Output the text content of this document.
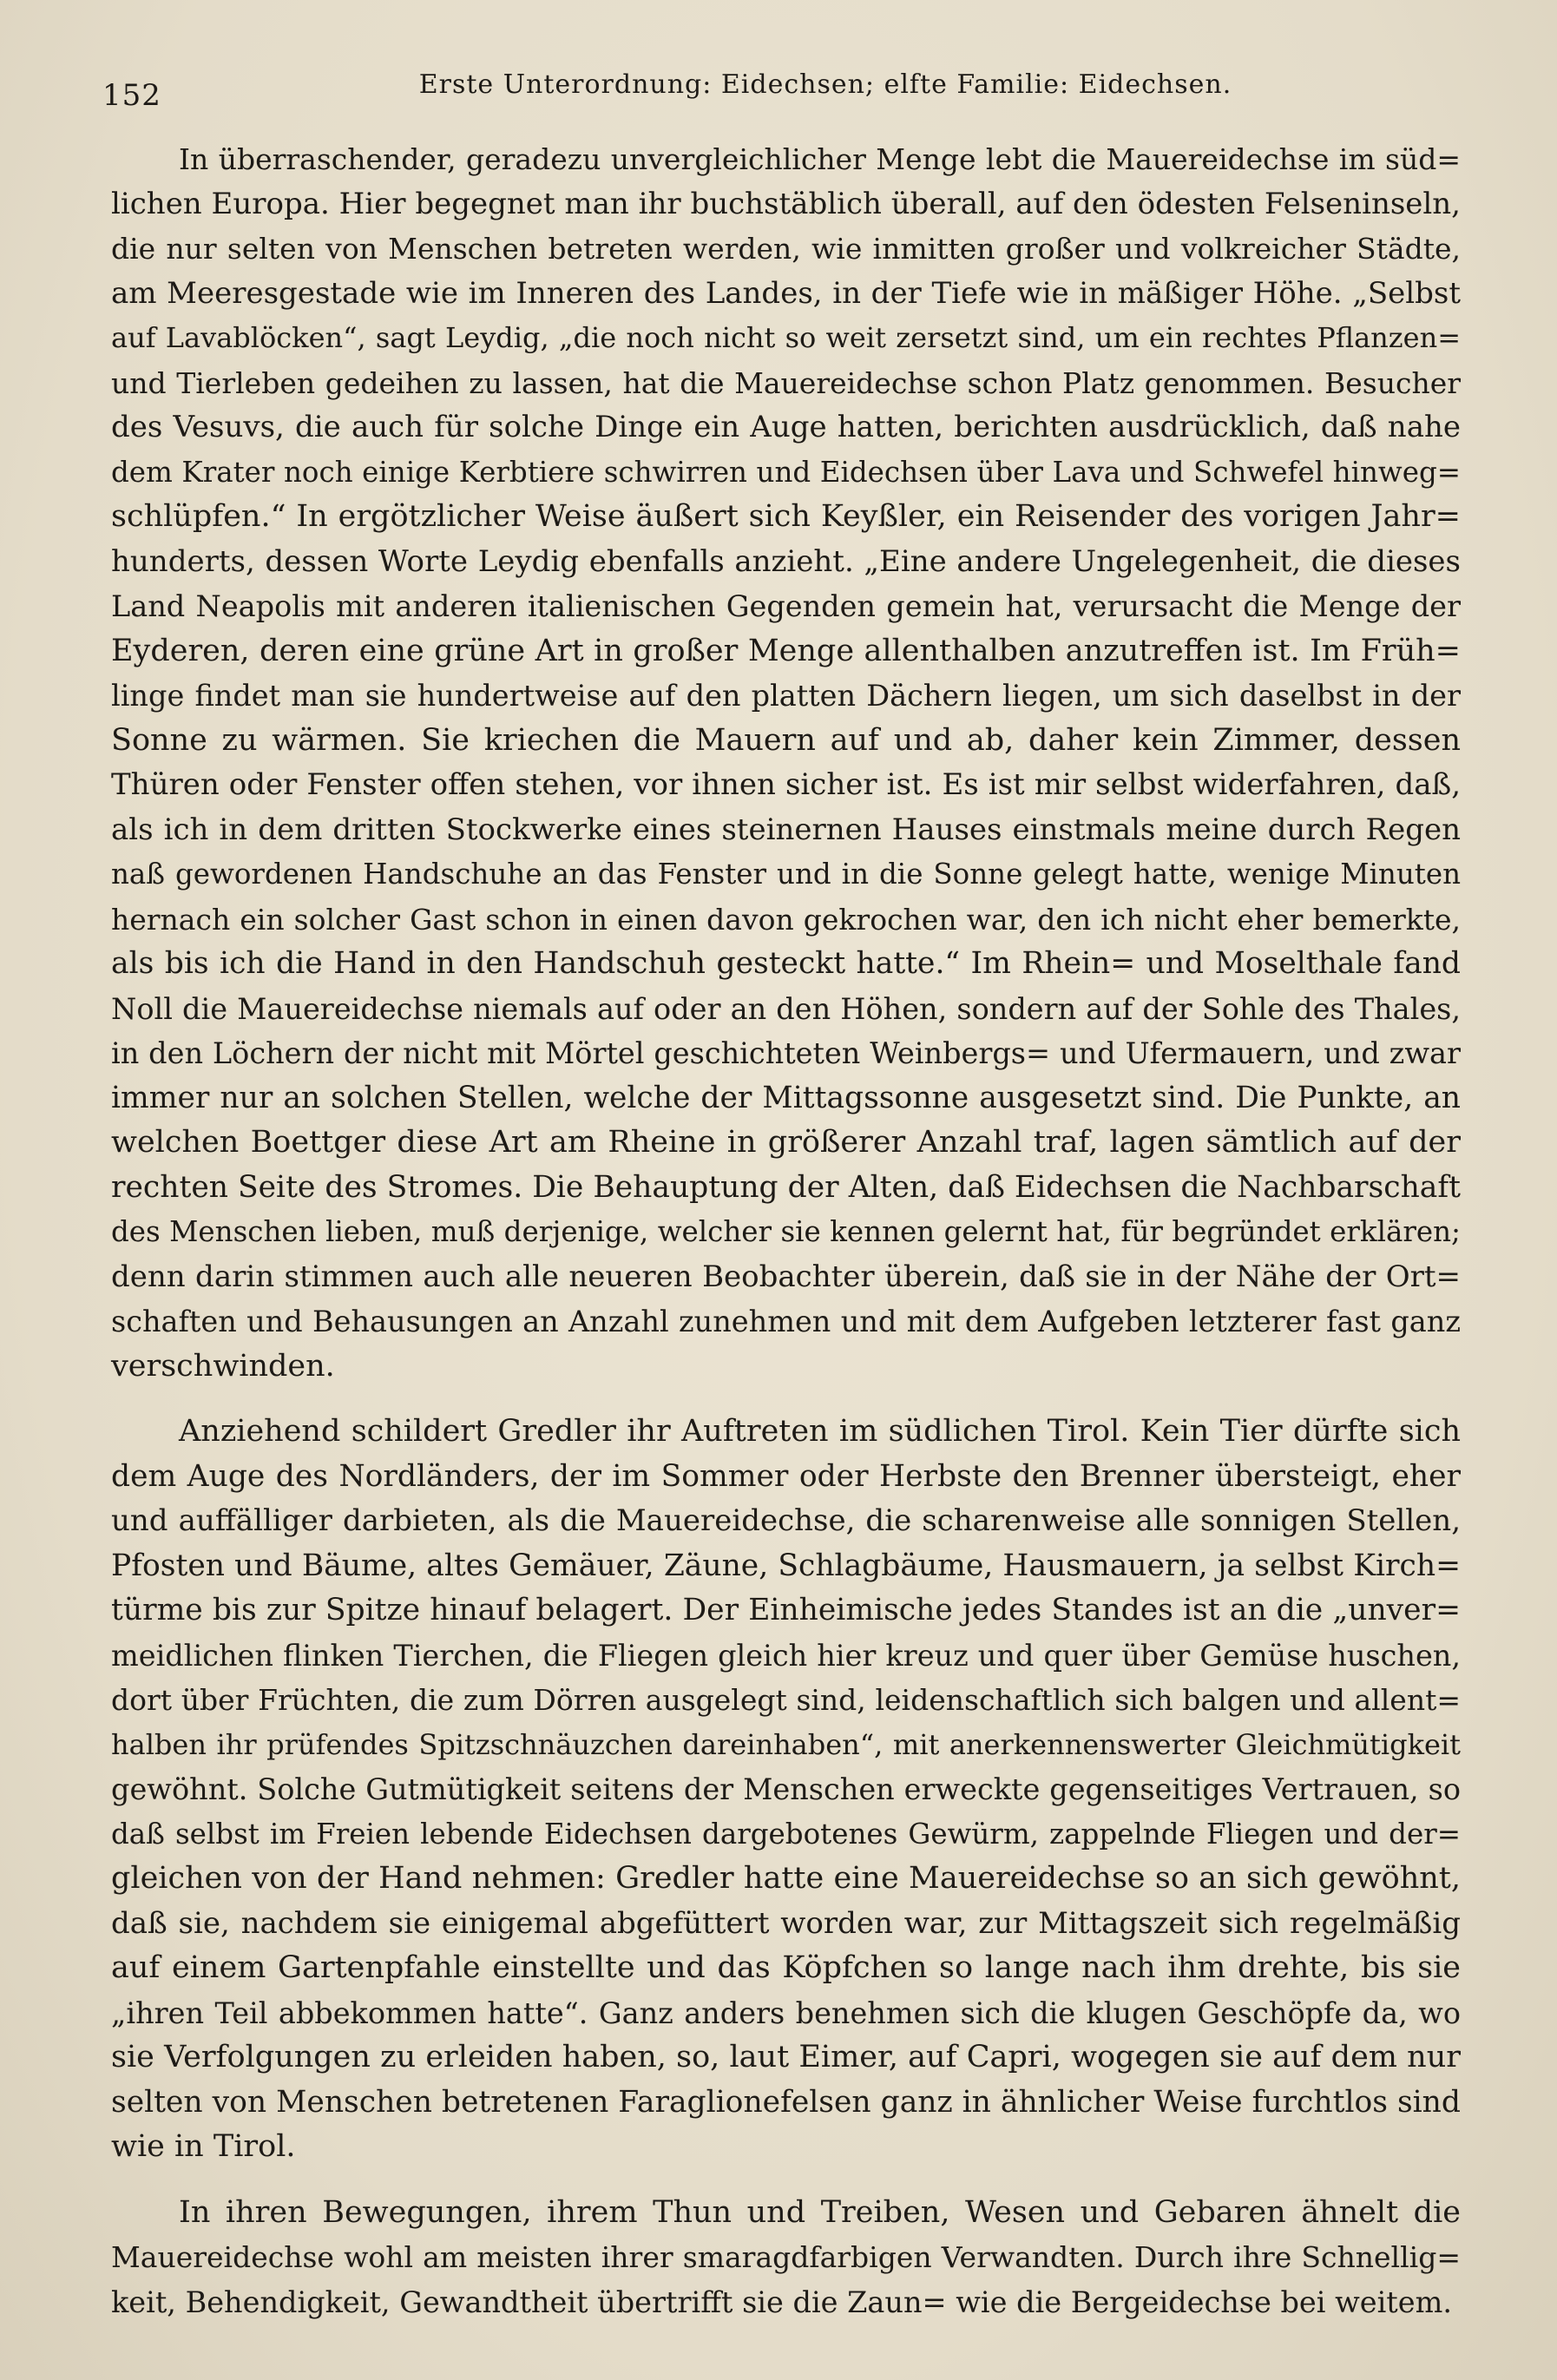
152	Erste Unterordnung: Eidechsen; elfte Familie: Eidechsen.
In überraschender, geradezu unvergleichlicher Menge lebt die Mauereidechse im süd=
lichen Europa. Hier begegnet man ihr buchstäblich überall, auf den ödesten Felseninseln,
die nur selten von Menschen betreten werden, wie inmitten großer und volkreicher Städte,
am Meeresgestade wie im Inneren des Landes, in der Tiefe wie in mäßiger Höhe. „Selbst
auf Lavablöcken“, sagt Leydig, „die noch nicht so weit zersetzt sind, um ein rechtes Pflanzen=
und Tierleben gedeihen zu lassen, hat die Mauereidechse schon Platz genommen. Besucher
des Vesuvs, die auch für solche Dinge ein Auge hatten, berichten ausdrücklich, daß nahe
dem Krater noch einige Kerbtiere schwirren und Eidechsen über Lava und Schwefel hinweg=
schlüpfen.“ In ergötzlicher Weise äußert sich Keyßler, ein Reisender des vorigen Jahr=
hunderts, dessen Worte Leydig ebenfalls anzieht. „Eine andere Ungelegenheit, die dieses
Land Neapolis mit anderen italienischen Gegenden gemein hat, verursacht die Menge der
Eyderen, deren eine grüne Art in großer Menge allenthalben anzutreffen ist. Im Früh=
linge findet man sie hundertweise auf den platten Dächern liegen, um sich daselbst in der
Sonne zu wärmen. Sie kriechen die Mauern auf und ab, daher kein Zimmer, dessen
Thüren oder Fenster offen stehen, vor ihnen sicher ist. Es ist mir selbst widerfahren, daß,
als ich in dem dritten Stockwerke eines steinernen Hauses einstmals meine durch Regen
naß gewordenen Handschuhe an das Fenster und in die Sonne gelegt hatte, wenige Minuten
hernach ein solcher Gast schon in einen davon gekrochen war, den ich nicht eher bemerkte,
als bis ich die Hand in den Handschuh gesteckt hatte.“ Im Rhein= und Moselthale fand
Noll die Mauereidechse niemals auf oder an den Höhen, sondern auf der Sohle des Thales,
in den Löchern der nicht mit Mörtel geschichteten Weinbergs= und Ufermauern, und zwar
immer nur an solchen Stellen, welche der Mittagssonne ausgesetzt sind. Die Punkte, an
welchen Boettger diese Art am Rheine in größerer Anzahl traf, lagen sämtlich auf der
rechten Seite des Stromes. Die Behauptung der Alten, daß Eidechsen die Nachbarschaft
des Menschen lieben, muß derjenige, welcher sie kennen gelernt hat, für begründet erklären;
denn darin stimmen auch alle neueren Beobachter überein, daß sie in der Nähe der Ort=
schaften und Behausungen an Anzahl zunehmen und mit dem Aufgeben letzterer fast ganz
verschwinden.
Anziehend schildert Gredler ihr Auftreten im südlichen Tirol. Kein Tier dürfte sich
dem Auge des Nordländers, der im Sommer oder Herbste den Brenner übersteigt, eher
und auffälliger darbieten, als die Mauereidechse, die scharenweise alle sonnigen Stellen,
Pfosten und Bäume, altes Gemäuer, Zäune, Schlagbäume, Hausmauern, ja selbst Kirch=
türme bis zur Spitze hinauf belagert. Der Einheimische jedes Standes ist an die „unver=
meidlichen flinken Tierchen, die Fliegen gleich hier kreuz und quer über Gemüse huschen,
dort über Früchten, die zum Dörren ausgelegt sind, leidenschaftlich sich balgen und allent=
halben ihr prüfendes Spitzschnäuzchen dareinhaben“, mit anerkennenswerter Gleichmütigkeit
gewöhnt. Solche Gutmütigkeit seitens der Menschen erweckte gegenseitiges Vertrauen, so
daß selbst im Freien lebende Eidechsen dargebotenes Gewürm, zappelnde Fliegen und der=
gleichen von der Hand nehmen: Gredler hatte eine Mauereidechse so an sich gewöhnt,
daß sie, nachdem sie einigemal abgefüttert worden war, zur Mittagszeit sich regelmäßig
auf einem Gartenpfahle einstellte und das Köpfchen so lange nach ihm drehte, bis sie
„ihren Teil abbekommen hatte“. Ganz anders benehmen sich die klugen Geschöpfe da, wo
sie Verfolgungen zu erleiden haben, so, laut Eimer, auf Capri, wogegen sie auf dem nur
selten von Menschen betretenen Faraglionefelsen ganz in ähnlicher Weise furchtlos sind
wie in Tirol.
In ihren Bewegungen, ihrem Thun und Treiben, Wesen und Gebaren ähnelt die
Mauereidechse wohl am meisten ihrer smaragdfarbigen Verwandten. Durch ihre Schnellig=
keit, Behendigkeit, Gewandtheit übertrifft sie die Zaun= wie die Bergeidechse bei weitem.
